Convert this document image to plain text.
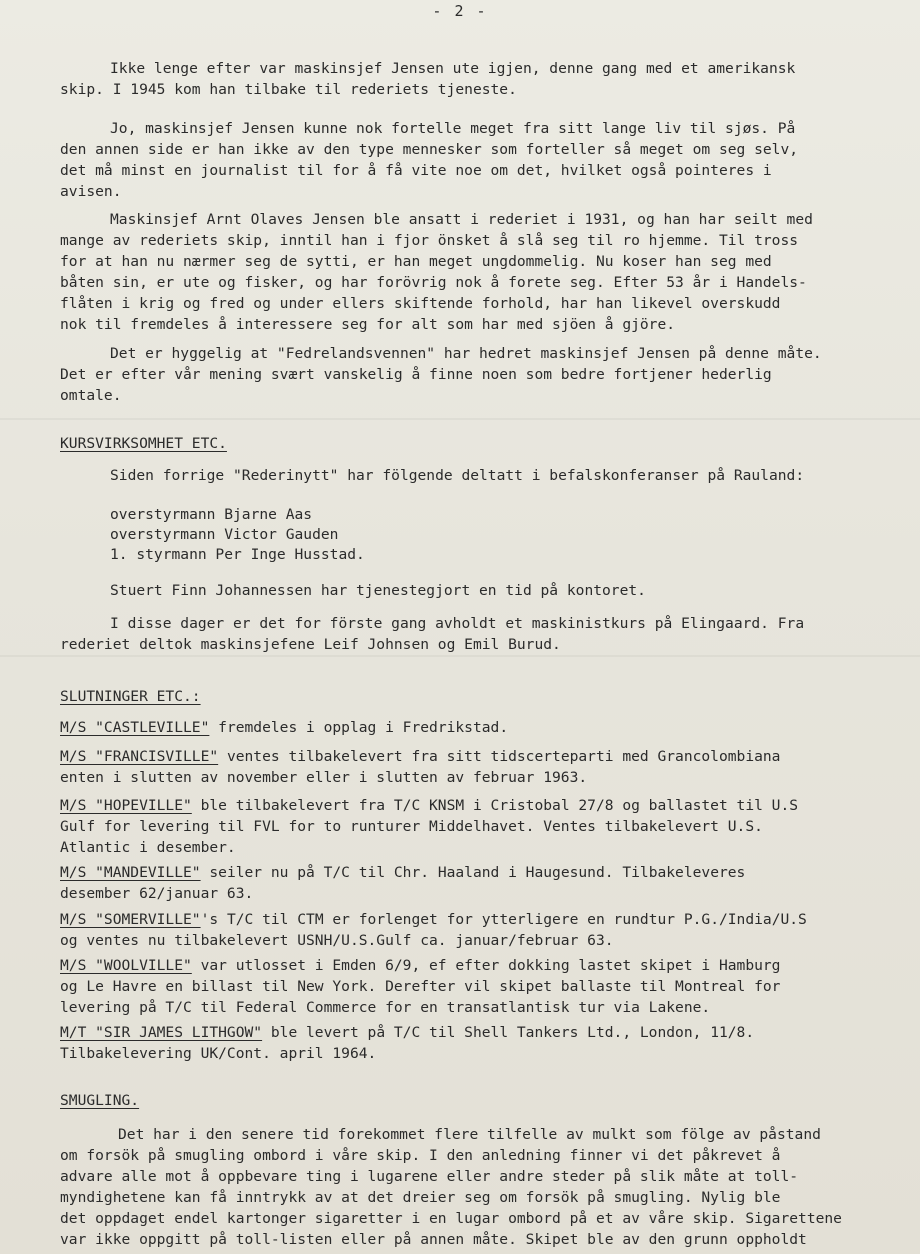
- 2 -

Ikke lenge efter var maskinsjef Jensen ute igjen, denne gang med et amerikansk

skip. I 1945 kom han tilbake til rederiets tjeneste.

Jo, maskinsjef Jensen kunne nok fortelle meget fra sitt lange liv til sjøs. På

den annen side er han ikke av den type mennesker som forteller så meget om seg selv,

det må minst en journalist til for å få vite noe om det, hvilket også pointeres i

avisen.

Maskinsjef Arnt Olaves Jensen ble ansatt i rederiet i 1931, og han har seilt med

mange av rederiets skip, inntil han i fjor önsket å slå seg til ro hjemme. Til tross

for at han nu nærmer seg de sytti, er han meget ungdommelig. Nu koser han seg med

båten sin, er ute og fisker, og har forövrig nok å forete seg. Efter 53 år i Handels-

flåten i krig og fred og under ellers skiftende forhold, har han likevel overskudd

nok til fremdeles å interessere seg for alt som har med sjöen å gjöre.

Det er hyggelig at "Fedrelandsvennen" har hedret maskinsjef Jensen på denne måte.

Det er efter vår mening svært vanskelig å finne noen som bedre fortjener hederlig

omtale.

KURSVIRKSOMHET ETC.

Siden forrige "Rederinytt" har fölgende deltatt i befalskonferanser på Rauland:

overstyrmann Bjarne Aas

overstyrmann Victor Gauden

1. styrmann Per Inge Husstad.

Stuert Finn Johannessen har tjenestegjort en tid på kontoret.

I disse dager er det for förste gang avholdt et maskinistkurs på Elingaard. Fra

rederiet deltok maskinsjefene Leif Johnsen og Emil Burud.

SLUTNINGER ETC.:

M/S "CASTLEVILLE" fremdeles i opplag i Fredrikstad.

M/S "FRANCISVILLE" ventes tilbakelevert fra sitt tidscerteparti med Grancolombiana

enten i slutten av november eller i slutten av februar 1963.

M/S "HOPEVILLE" ble tilbakelevert fra T/C KNSM i Cristobal 27/8 og ballastet til U.S

Gulf for levering til FVL for to runturer Middelhavet. Ventes tilbakelevert U.S.

Atlantic i desember.

M/S "MANDEVILLE" seiler nu på T/C til Chr. Haaland i Haugesund. Tilbakeleveres

desember 62/januar 63.

M/S "SOMERVILLE"'s T/C til CTM er forlenget for ytterligere en rundtur P.G./India/U.S

og ventes nu tilbakelevert USNH/U.S.Gulf ca. januar/februar 63.

M/S "WOOLVILLE" var utlosset i Emden 6/9, ef efter dokking lastet skipet i Hamburg

og Le Havre en billast til New York. Derefter vil skipet ballaste til Montreal for

levering på T/C til Federal Commerce for en transatlantisk tur via Lakene.

M/T "SIR JAMES LITHGOW" ble levert på T/C til Shell Tankers Ltd., London, 11/8.

Tilbakelevering UK/Cont. april 1964.

SMUGLING.

Det har i den senere tid forekommet flere tilfelle av mulkt som fölge av påstand

om forsök på smugling ombord i våre skip. I den anledning finner vi det påkrevet å

advare alle mot å oppbevare ting i lugarene eller andre steder på slik måte at toll-

myndighetene kan få inntrykk av at det dreier seg om forsök på smugling. Nylig ble

det oppdaget endel kartonger sigaretter i en lugar ombord på et av våre skip. Sigarettene

var ikke oppgitt på toll-listen eller på annen måte. Skipet ble av den grunn oppholdt
